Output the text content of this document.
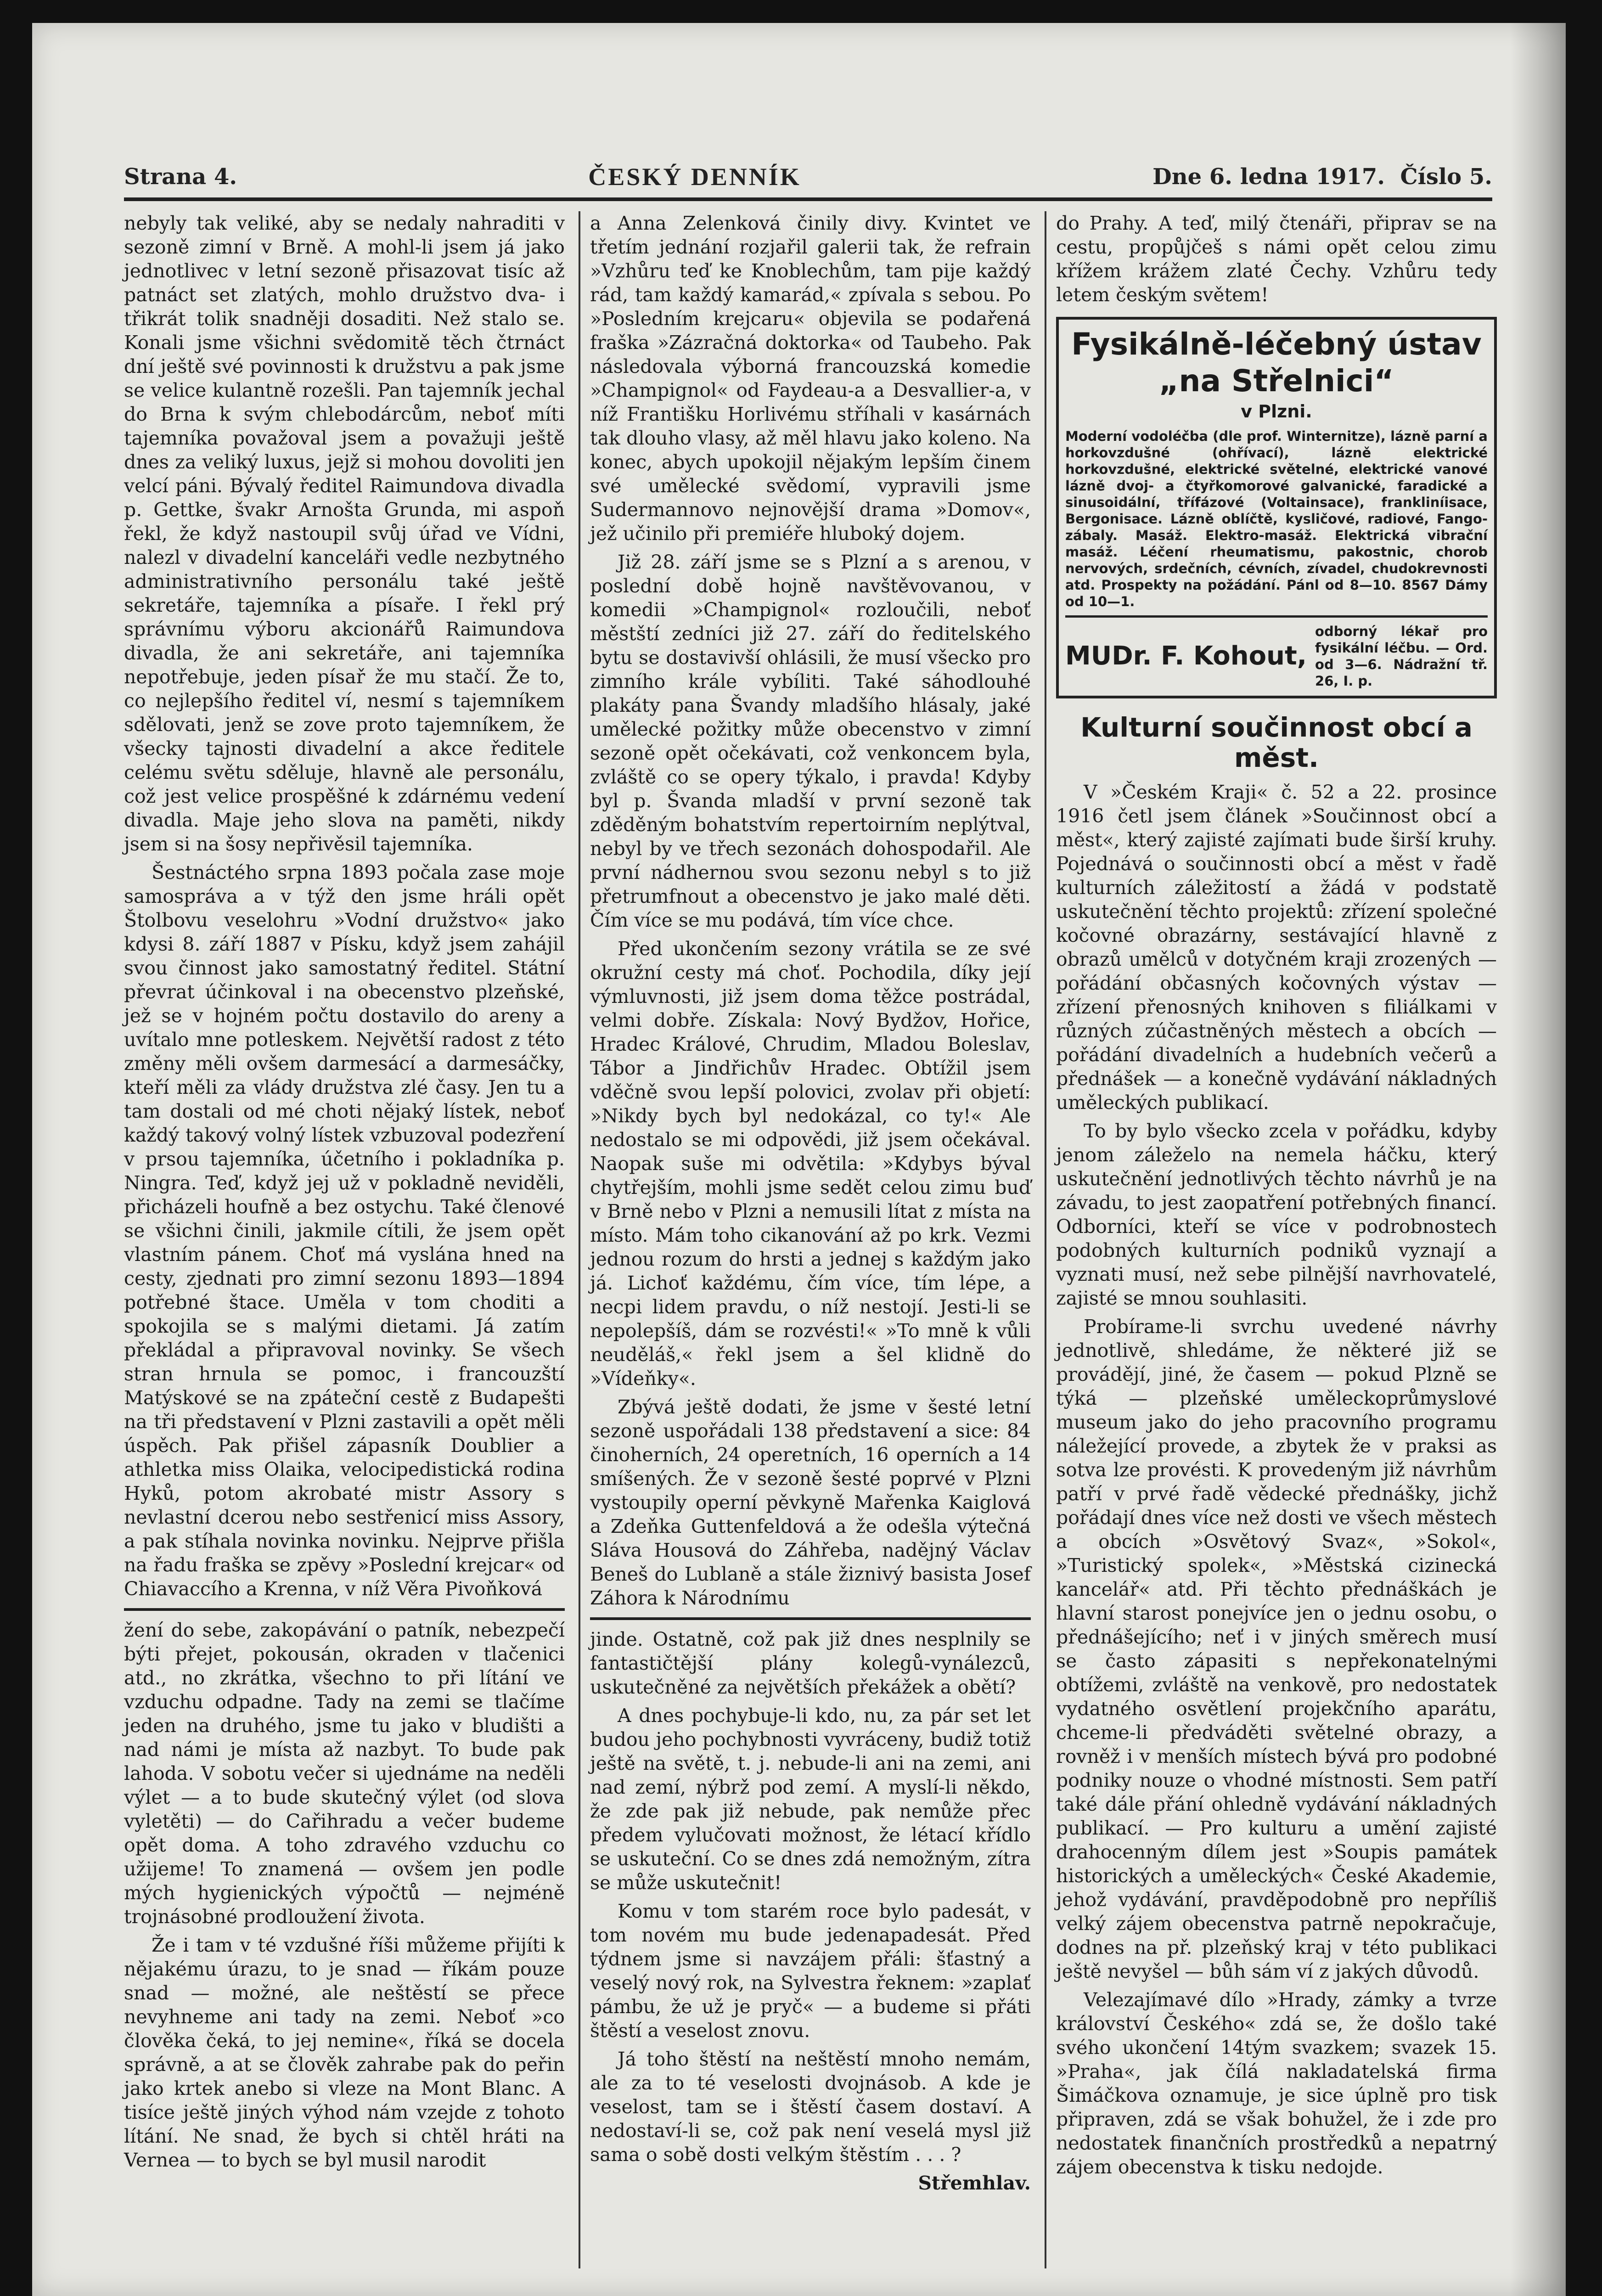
Strana 4.	ČESKÝ DENNÍK	Dne 6. ledna 1917. Číslo 5.

nebyly tak veliké, aby se nedaly nahraditi v sezoně zimní v Brně. A mohl-li jsem já jako jednotlivec v letní sezoně přisazovat tisíc až patnáct set zlatých, mohlo družstvo dva- i třikrát tolik snadněji dosaditi. Než stalo se. Konali jsme všichni svědomitě těch čtrnáct dní ještě své povinnosti k družstvu a pak jsme se velice kulantně rozešli. Pan tajemník jechal do Brna k svým chlebodárcům, neboť míti tajemníka považoval jsem a považuji ještě dnes za veliký luxus, jejž si mohou dovoliti jen velcí páni. Bývalý ředitel Raimundova divadla p. Gettke, švakr Arnošta Grunda, mi aspoň řekl, že když nastoupil svůj úřad ve Vídni, nalezl v divadelní kanceláři vedle nezbytného administrativního personálu také ještě sekretáře, tajemníka a písaře. I řekl prý správnímu výboru akcionářů Raimundova divadla, že ani sekretáře, ani tajemníka nepotřebuje, jeden písař že mu stačí. Že to, co nejlepšího ředitel ví, nesmí s tajemníkem sdělovati, jenž se zove proto tajemníkem, že všecky tajnosti divadelní a akce ředitele celému světu sděluje, hlavně ale personálu, což jest velice prospěšné k zdárnému vedení divadla. Maje jeho slova na paměti, nikdy jsem si na šosy nepřivěsil tajemníka.

Šestnáctého srpna 1893 počala zase moje samospráva a v týž den jsme hráli opět Štolbovu veselohru »Vodní družstvo« jako kdysi 8. září 1887 v Písku, když jsem zahájil svou činnost jako samostatný ředitel. Státní převrat účinkoval i na obecenstvo plzeňské, jež se v hojném počtu dostavilo do areny a uvítalo mne potleskem. Největší radost z této změny měli ovšem darmesácí a darmesáčky, kteří měli za vlády družstva zlé časy. Jen tu a tam dostali od mé choti nějaký lístek, neboť každý takový volný lístek vzbuzoval podezření v prsou tajemníka, účetního i pokladníka p. Ningra. Teď, když jej už v pokladně neviděli, přicházeli houfně a bez ostychu. Také členové se všichni činili, jakmile cítili, že jsem opět vlastním pánem. Choť má vyslána hned na cesty, zjednati pro zimní sezonu 1893—1894 potřebné štace. Uměla v tom choditi a spokojila se s malými dietami. Já zatím překládal a připravoval novinky. Se všech stran hrnula se pomoc, i francouzští Matýskové se na zpáteční cestě z Budapešti na tři představení v Plzni zastavili a opět měli úspěch. Pak přišel zápasník Doublier a athletka miss Olaika, velocipedistická rodina Hyků, potom akrobaté mistr Assory s nevlastní dcerou nebo sestřenicí miss Assory, a pak stíhala novinka novinku. Nejprve přišla na řadu fraška se zpěvy »Poslední krejcar« od Chiavaccího a Krenna, v níž Věra Pivoňková

žení do sebe, zakopávání o patník, nebezpečí býti přejet, pokousán, okraden v tlačenici atd., no zkrátka, všechno to při lítání ve vzduchu odpadne. Tady na zemi se tlačíme jeden na druhého, jsme tu jako v bludišti a nad námi je místa až nazbyt. To bude pak lahoda. V sobotu večer si ujednáme na neděli výlet — a to bude skutečný výlet (od slova vyletěti) — do Cařihradu a večer budeme opět doma. A toho zdravého vzduchu co užijeme! To znamená — ovšem jen podle mých hygienických výpočtů — nejméně trojnásobné prodloužení života.

Že i tam v té vzdušné říši můžeme přijíti k nějakému úrazu, to je snad — říkám pouze snad — možné, ale neštěstí se přece nevyhneme ani tady na zemi. Neboť »co člověka čeká, to jej nemine«, říká se docela správně, a at se člověk zahrabe pak do peřin jako krtek anebo si vleze na Mont Blanc. A tisíce ještě jiných výhod nám vzejde z tohoto lítání. Ne snad, že bych si chtěl hráti na Vernea — to bych se byl musil narodit

a Anna Zelenková činily divy. Kvintet ve třetím jednání rozjařil galerii tak, že refrain »Vzhůru teď ke Knoblechům, tam pije každý rád, tam každý kamarád,« zpívala s sebou. Po »Posledním krejcaru« objevila se podařená fraška »Zázračná doktorka« od Taubeho. Pak následovala výborná francouzská komedie »Champignol« od Faydeau-a a Desvallier-a, v níž Františku Horlivému stříhali v kasárnách tak dlouho vlasy, až měl hlavu jako koleno. Na konec, abych upokojil nějakým lepším činem své umělecké svědomí, vypravili jsme Sudermannovo nejnovější drama »Domov«, jež učinilo při premiéře hluboký dojem.

Již 28. září jsme se s Plzní a s arenou, v poslední době hojně navštěvovanou, v komedii »Champignol« rozloučili, neboť městští zedníci již 27. září do ředitelského bytu se dostavivší ohlásili, že musí všecko pro zimního krále vybíliti. Také sáhodlouhé plakáty pana Švandy mladšího hlásaly, jaké umělecké požitky může obecenstvo v zimní sezoně opět očekávati, což venkoncem byla, zvláště co se opery týkalo, i pravda! Kdyby byl p. Švanda mladší v první sezoně tak zděděným bohatstvím repertoirním neplýtval, nebyl by ve třech sezonách dohospodařil. Ale první nádhernou svou sezonu nebyl s to již přetrumfnout a obecenstvo je jako malé děti. Čím více se mu podává, tím více chce.

Před ukončením sezony vrátila se ze své okružní cesty má choť. Pochodila, díky její výmluvnosti, již jsem doma těžce postrádal, velmi dobře. Získala: Nový Bydžov, Hořice, Hradec Králové, Chrudim, Mladou Boleslav, Tábor a Jindřichův Hradec. Obtížil jsem vděčně svou lepší polovici, zvolav při objetí: »Nikdy bych byl nedokázal, co ty!« Ale nedostalo se mi odpovědi, již jsem očekával. Naopak suše mi odvětila: »Kdybys býval chytřejším, mohli jsme sedět celou zimu buď v Brně nebo v Plzni a nemusili lítat z místa na místo. Mám toho cikanování až po krk. Vezmi jednou rozum do hrsti a jednej s každým jako já. Lichoť každému, čím více, tím lépe, a necpi lidem pravdu, o níž nestojí. Jesti-li se nepolepšíš, dám se rozvésti!« »To mně k vůli neuděláš,« řekl jsem a šel klidně do »Vídeňky«.

Zbývá ještě dodati, že jsme v šesté letní sezoně uspořádali 138 představení a sice: 84 činoherních, 24 operetních, 16 operních a 14 smíšených. Že v sezoně šesté poprvé v Plzni vystoupily operní pěvkyně Mařenka Kaiglová a Zdeňka Guttenfeldová a že odešla výtečná Sláva Housová do Záhřeba, nadějný Václav Beneš do Lublaně a stále žiznivý basista Josef Záhora k Národnímu

jinde. Ostatně, což pak již dnes nesplnily se fantastičtější plány kolegů-vynálezců, uskutečněné za největších překážek a obětí?

A dnes pochybuje-li kdo, nu, za pár set let budou jeho pochybnosti vyvráceny, budiž totiž ještě na světě, t. j. nebude-li ani na zemi, ani nad zemí, nýbrž pod zemí. A myslí-li někdo, že zde pak již nebude, pak nemůže přec předem vylučovati možnost, že létací křídlo se uskuteční. Co se dnes zdá nemožným, zítra se může uskutečnit!

Komu v tom starém roce bylo padesát, v tom novém mu bude jedenapadesát. Před týdnem jsme si navzájem přáli: šťastný a veselý nový rok, na Sylvestra řeknem: »zaplať pámbu, že už je pryč« — a budeme si přáti štěstí a veselost znovu.

Já toho štěstí na neštěstí mnoho nemám, ale za to té veselosti dvojnásob. A kde je veselost, tam se i štěstí časem dostaví. A nedostaví-li se, což pak není veselá mysl již sama o sobě dosti velkým štěstím . . . ?

Střemhlav.

do Prahy. A teď, milý čtenáři, připrav se na cestu, propůjčeš s námi opět celou zimu křížem krážem zlaté Čechy. Vzhůru tedy letem českým světem!

Fysikálně-léčebný ústav „na Střelnici“
v Plzni.
Moderní vodoléčba (dle prof. Winternitze), lázně parní a horkovzdušné (ohřívací), lázně elektrické horkovzdušné, elektrické světelné, elektrické vanové lázně dvoj- a čtyřkomorové galvanické, faradické a sinusoidální, třífázové (Voltainsace), frankliníisace, Bergonisace. Lázně oblíčtě, kysličové, radiové, Fango-zábaly. Masáž. Elektro-masáž. Elektrická vibrační masáž. Léčení rheumatismu, pakostnic, chorob nervových, srdečních, cévních, zívadel, chudokrevnosti atd. Prospekty na požádání. Pánl od 8—10. 8567 Dámy od 10—1.
MUDr. F. Kohout,
odborný lékař pro fysikální léčbu. — Ord. od 3—6. Nádražní tř. 26, I. p.
Kulturní součinnost obcí a měst.

V »Českém Kraji« č. 52 a 22. prosince 1916 četl jsem článek »Součinnost obcí a měst«, který zajisté zajímati bude širší kruhy. Pojednává o součinnosti obcí a měst v řadě kulturních záležitostí a žádá v podstatě uskutečnění těchto projektů: zřízení společné kočovné obrazárny, sestávající hlavně z obrazů umělců v dotyčném kraji zrozených — pořádání občasných kočovných výstav — zřízení přenosných knihoven s filiálkami v různých zúčastněných městech a obcích — pořádání divadelních a hudebních večerů a přednášek — a konečně vydávání nákladných uměleckých publikací.

To by bylo všecko zcela v pořádku, kdyby jenom záleželo na nemela háčku, který uskutečnění jednotlivých těchto návrhů je na závadu, to jest zaopatření potřebných financí. Odborníci, kteří se více v podrobnostech podobných kulturních podniků vyznají a vyznati musí, než sebe pilnější navrhovatelé, zajisté se mnou souhlasiti.

Probírame-li svrchu uvedené návrhy jednotlivě, shledáme, že některé již se provádějí, jiné, že časem — pokud Plzně se týká — plzeňské uměleckoprůmyslové museum jako do jeho pracovního programu náležející provede, a zbytek že v praksi as sotva lze provésti. K provedeným již návrhům patří v prvé řadě vědecké přednášky, jichž pořádají dnes více než dosti ve všech městech a obcích »Osvětový Svaz«, »Sokol«, »Turistický spolek«, »Městská cizinecká kancelář« atd. Při těchto přednáškách je hlavní starost ponejvíce jen o jednu osobu, o přednášejícího; neť i v jiných směrech musí se často zápasiti s nepřekonatelnými obtížemi, zvláště na venkově, pro nedostatek vydatného osvětlení projekčního aparátu, chceme-li předváděti světelné obrazy, a rovněž i v menších místech bývá pro podobné podniky nouze o vhodné místnosti. Sem patří také dále přání ohledně vydávání nákladných publikací. — Pro kulturu a umění zajisté drahocenným dílem jest »Soupis památek historických a uměleckých« České Akademie, jehož vydávání, pravděpodobně pro nepříliš velký zájem obecenstva patrně nepokračuje, dodnes na př. plzeňský kraj v této publikaci ještě nevyšel — bůh sám ví z jakých důvodů.

Velezajímavé dílo »Hrady, zámky a tvrze království Českého« zdá se, že došlo také svého ukončení 14tým svazkem; svazek 15. »Praha«, jak čílá nakladatelská firma Šimáčkova oznamuje, je sice úplně pro tisk připraven, zdá se však bohužel, že i zde pro nedostatek finančních prostředků a nepatrný zájem obecenstva k tisku nedojde.
